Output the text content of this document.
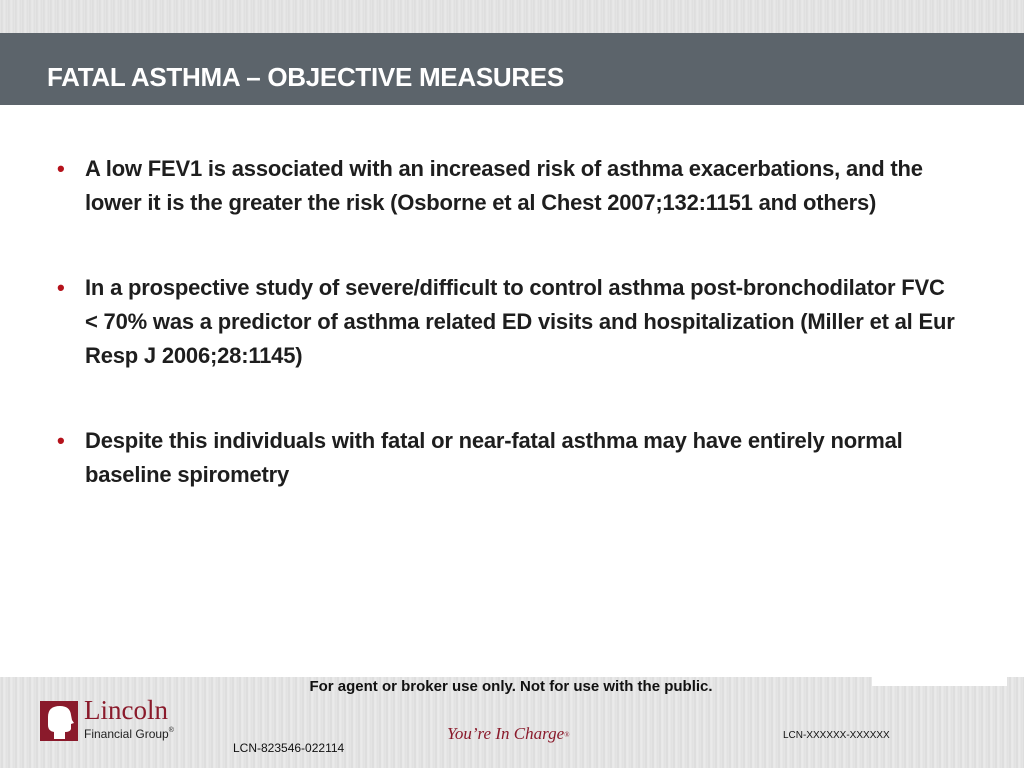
FATAL ASTHMA – OBJECTIVE MEASURES
• A low FEV1 is associated with an increased risk of asthma exacerbations, and the lower it is the greater the risk (Osborne et al Chest 2007;132:1151 and others)
• In a prospective study of severe/difficult to control asthma post-bronchodilator FVC < 70% was a predictor of asthma related ED visits and hospitalization (Miller et al Eur Resp J 2006;28:1145)
• Despite this individuals with fatal or near-fatal asthma may have entirely normal baseline spirometry
Lincoln
Financial Group®
For agent or broker use only. Not for use with the public.
You’re In Charge®
LCN-823546-022114
LCN-XXXXXX-XXXXXX
